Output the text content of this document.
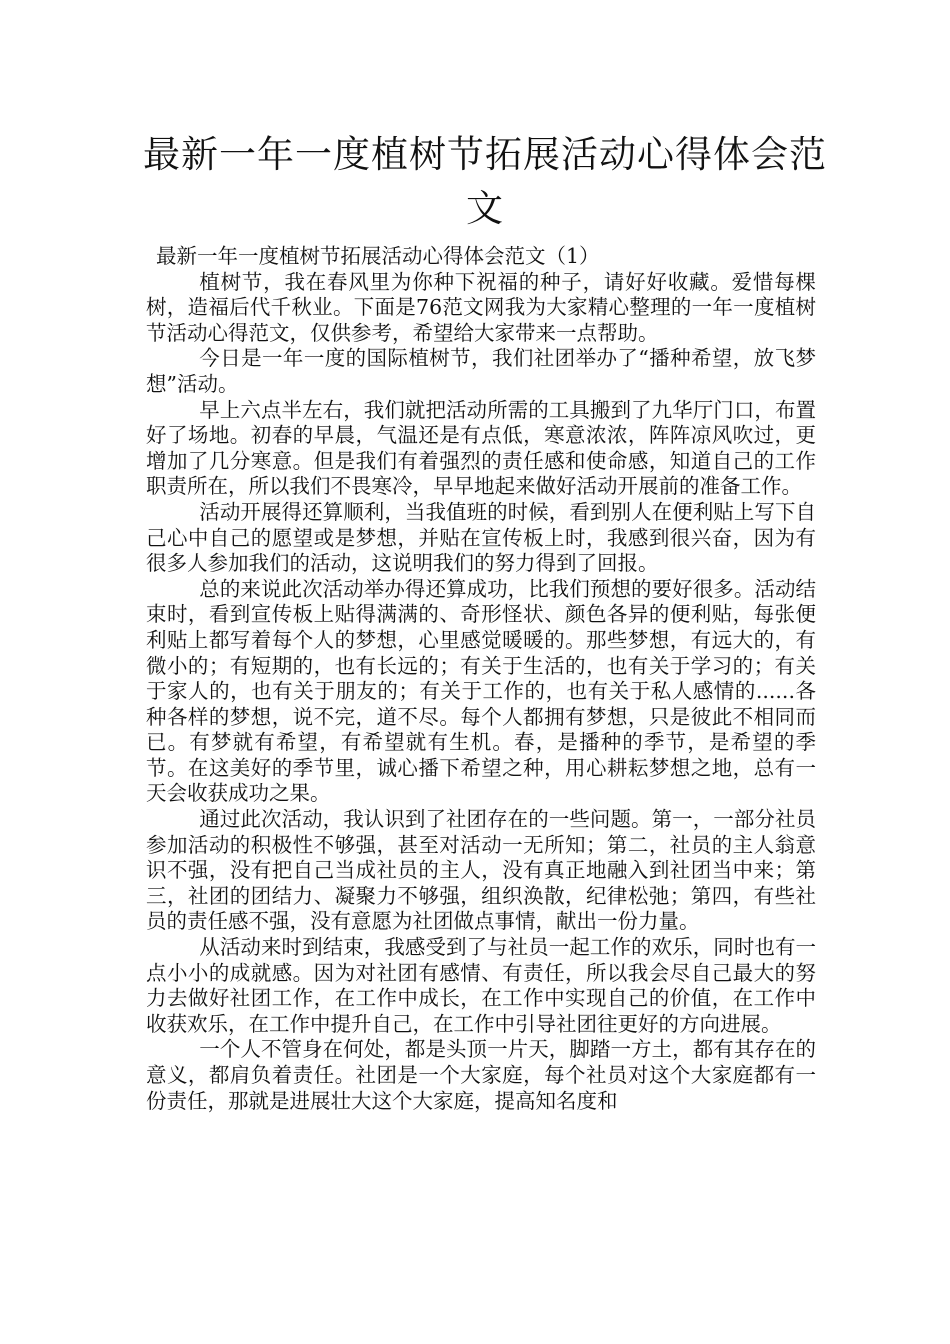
最新一年一度植树节拓展活动心得体会范文

最新一年一度植树节拓展活动心得体会范文（1）

植树节，我在春风里为你种下祝福的种子，请好好收藏。爱惜每棵树，造福后代千秋业。下面是76范文网我为大家精心整理的一年一度植树节活动心得范文，仅供参考，希望给大家带来一点帮助。

今日是一年一度的国际植树节，我们社团举办了“播种希望，放飞梦想”活动。

早上六点半左右，我们就把活动所需的工具搬到了九华厅门口，布置好了场地。初春的早晨，气温还是有点低，寒意浓浓，阵阵凉风吹过，更增加了几分寒意。但是我们有着强烈的责任感和使命感，知道自己的工作职责所在，所以我们不畏寒冷，早早地起来做好活动开展前的准备工作。

活动开展得还算顺利，当我值班的时候，看到别人在便利贴上写下自己心中自己的愿望或是梦想，并贴在宣传板上时，我感到很兴奋，因为有很多人参加我们的活动，这说明我们的努力得到了回报。

总的来说此次活动举办得还算成功，比我们预想的要好很多。活动结束时，看到宣传板上贴得满满的、奇形怪状、颜色各异的便利贴，每张便利贴上都写着每个人的梦想，心里感觉暖暖的。那些梦想，有远大的，有微小的；有短期的，也有长远的；有关于生活的，也有关于学习的；有关于家人的，也有关于朋友的；有关于工作的，也有关于私人感情的......各种各样的梦想，说不完，道不尽。每个人都拥有梦想，只是彼此不相同而已。有梦就有希望，有希望就有生机。春，是播种的季节，是希望的季节。在这美好的季节里，诚心播下希望之种，用心耕耘梦想之地，总有一天会收获成功之果。

通过此次活动，我认识到了社团存在的一些问题。第一，一部分社员参加活动的积极性不够强，甚至对活动一无所知；第二，社员的主人翁意识不强，没有把自己当成社员的主人，没有真正地融入到社团当中来；第三，社团的团结力、凝聚力不够强，组织涣散，纪律松弛；第四，有些社员的责任感不强，没有意愿为社团做点事情，献出一份力量。

从活动来时到结束，我感受到了与社员一起工作的欢乐，同时也有一点小小的成就感。因为对社团有感情、有责任，所以我会尽自己最大的努力去做好社团工作，在工作中成长，在工作中实现自己的价值，在工作中收获欢乐，在工作中提升自己，在工作中引导社团往更好的方向进展。

一个人不管身在何处，都是头顶一片天，脚踏一方土，都有其存在的意义，都肩负着责任。社团是一个大家庭，每个社员对这个大家庭都有一份责任，那就是进展壮大这个大家庭，提高知名度和
